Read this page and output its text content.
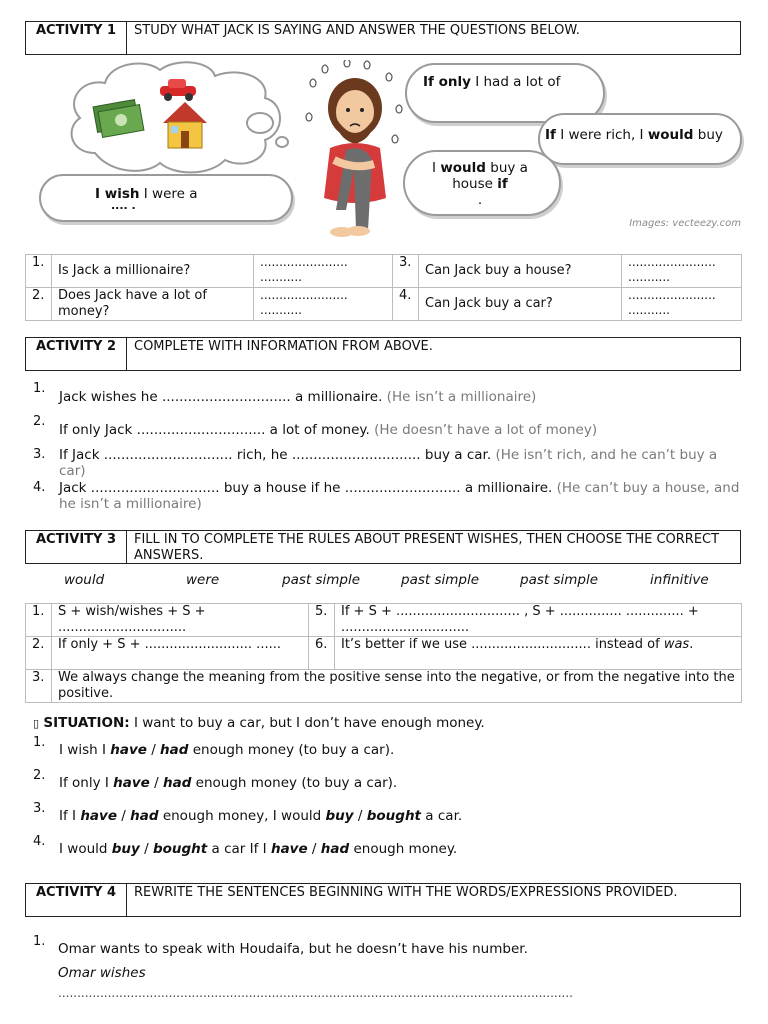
ACTIVITY 1	STUDY WHAT JACK IS SAYING AND ANSWER THE QUESTIONS BELOW.
If only I had a lot of
If I were rich, I would buy
I would buy a house if
.
I wish I were a
.... .
Images: vecteezy.com
1.	Is Jack a millionaire?	....................... ...........	3.	Can Jack buy a house?	....................... ...........
2.	Does Jack have a lot of money?	....................... ...........	4.	Can Jack buy a car?	....................... ...........
ACTIVITY 2	COMPLETE WITH INFORMATION FROM ABOVE.
1.
Jack wishes he .............................. a millionaire. (He isn’t a millionaire)
2.
If only Jack .............................. a lot of money. (He doesn’t have a lot of money)
3. If Jack .............................. rich, he .............................. buy a car. (He isn’t rich, and he can’t buy a car)
4. Jack .............................. buy a house if he ........................... a millionaire. (He can’t buy a house, and he isn’t a millionaire)
ACTIVITY 3	FILL IN TO COMPLETE THE RULES ABOUT PRESENT WISHES, THEN CHOOSE THE CORRECT ANSWERS.
would	were	past simple	past simple	past simple	infinitive
1.	S + wish/wishes + S + ...............................	5.	If + S + .............................. , S + ............... .............. + ...............................
2.	If only + S + .......................... ......	6.	It’s better if we use ............................. instead of was.
3.	We always change the meaning from the positive sense into the negative, or from the negative into the positive.		
▯ SITUATION: I want to buy a car, but I don’t have enough money.
1. I wish I have / had enough money (to buy a car).
2. If only I have / had enough money (to buy a car).
3. If I have / had enough money, I would buy / bought a car.
4. I would buy / bought a car If I have / had enough money.
ACTIVITY 4	REWRITE THE SENTENCES BEGINNING WITH THE WORDS/EXPRESSIONS PROVIDED.
1. Omar wants to speak with Houdaifa, but he doesn’t have his number.
Omar wishes
.......................................................................................................................................
